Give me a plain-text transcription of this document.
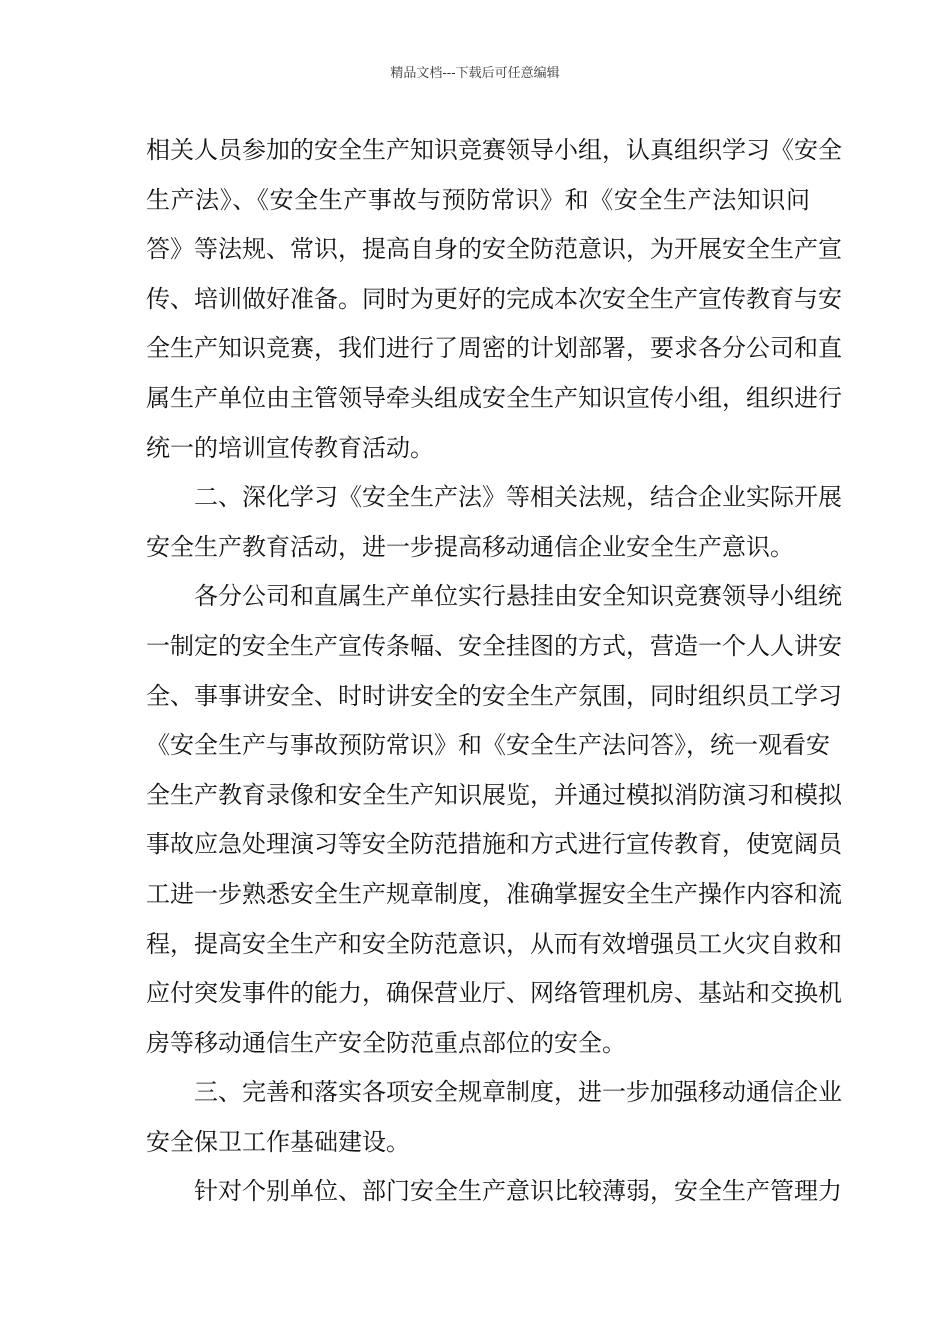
精品文档---下载后可任意编辑
相关人员参加的安全生产知识竞赛领导小组，认真组织学习《安全
生产法》、《安全生产事故与预防常识》和《安全生产法知识问
答》等法规、常识，提高自身的安全防范意识，为开展安全生产宣
传、培训做好准备。同时为更好的完成本次安全生产宣传教育与安
全生产知识竞赛，我们进行了周密的计划部署，要求各分公司和直
属生产单位由主管领导牵头组成安全生产知识宣传小组，组织进行
统一的培训宣传教育活动。
二、深化学习《安全生产法》等相关法规，结合企业实际开展
安全生产教育活动，进一步提高移动通信企业安全生产意识。
各分公司和直属生产单位实行悬挂由安全知识竞赛领导小组统
一制定的安全生产宣传条幅、安全挂图的方式，营造一个人人讲安
全、事事讲安全、时时讲安全的安全生产氛围，同时组织员工学习
《安全生产与事故预防常识》和《安全生产法问答》，统一观看安
全生产教育录像和安全生产知识展览，并通过模拟消防演习和模拟
事故应急处理演习等安全防范措施和方式进行宣传教育，使宽阔员
工进一步熟悉安全生产规章制度，准确掌握安全生产操作内容和流
程，提高安全生产和安全防范意识，从而有效增强员工火灾自救和
应付突发事件的能力，确保营业厅、网络管理机房、基站和交换机
房等移动通信生产安全防范重点部位的安全。
三、完善和落实各项安全规章制度，进一步加强移动通信企业
安全保卫工作基础建设。
针对个别单位、部门安全生产意识比较薄弱，安全生产管理力
